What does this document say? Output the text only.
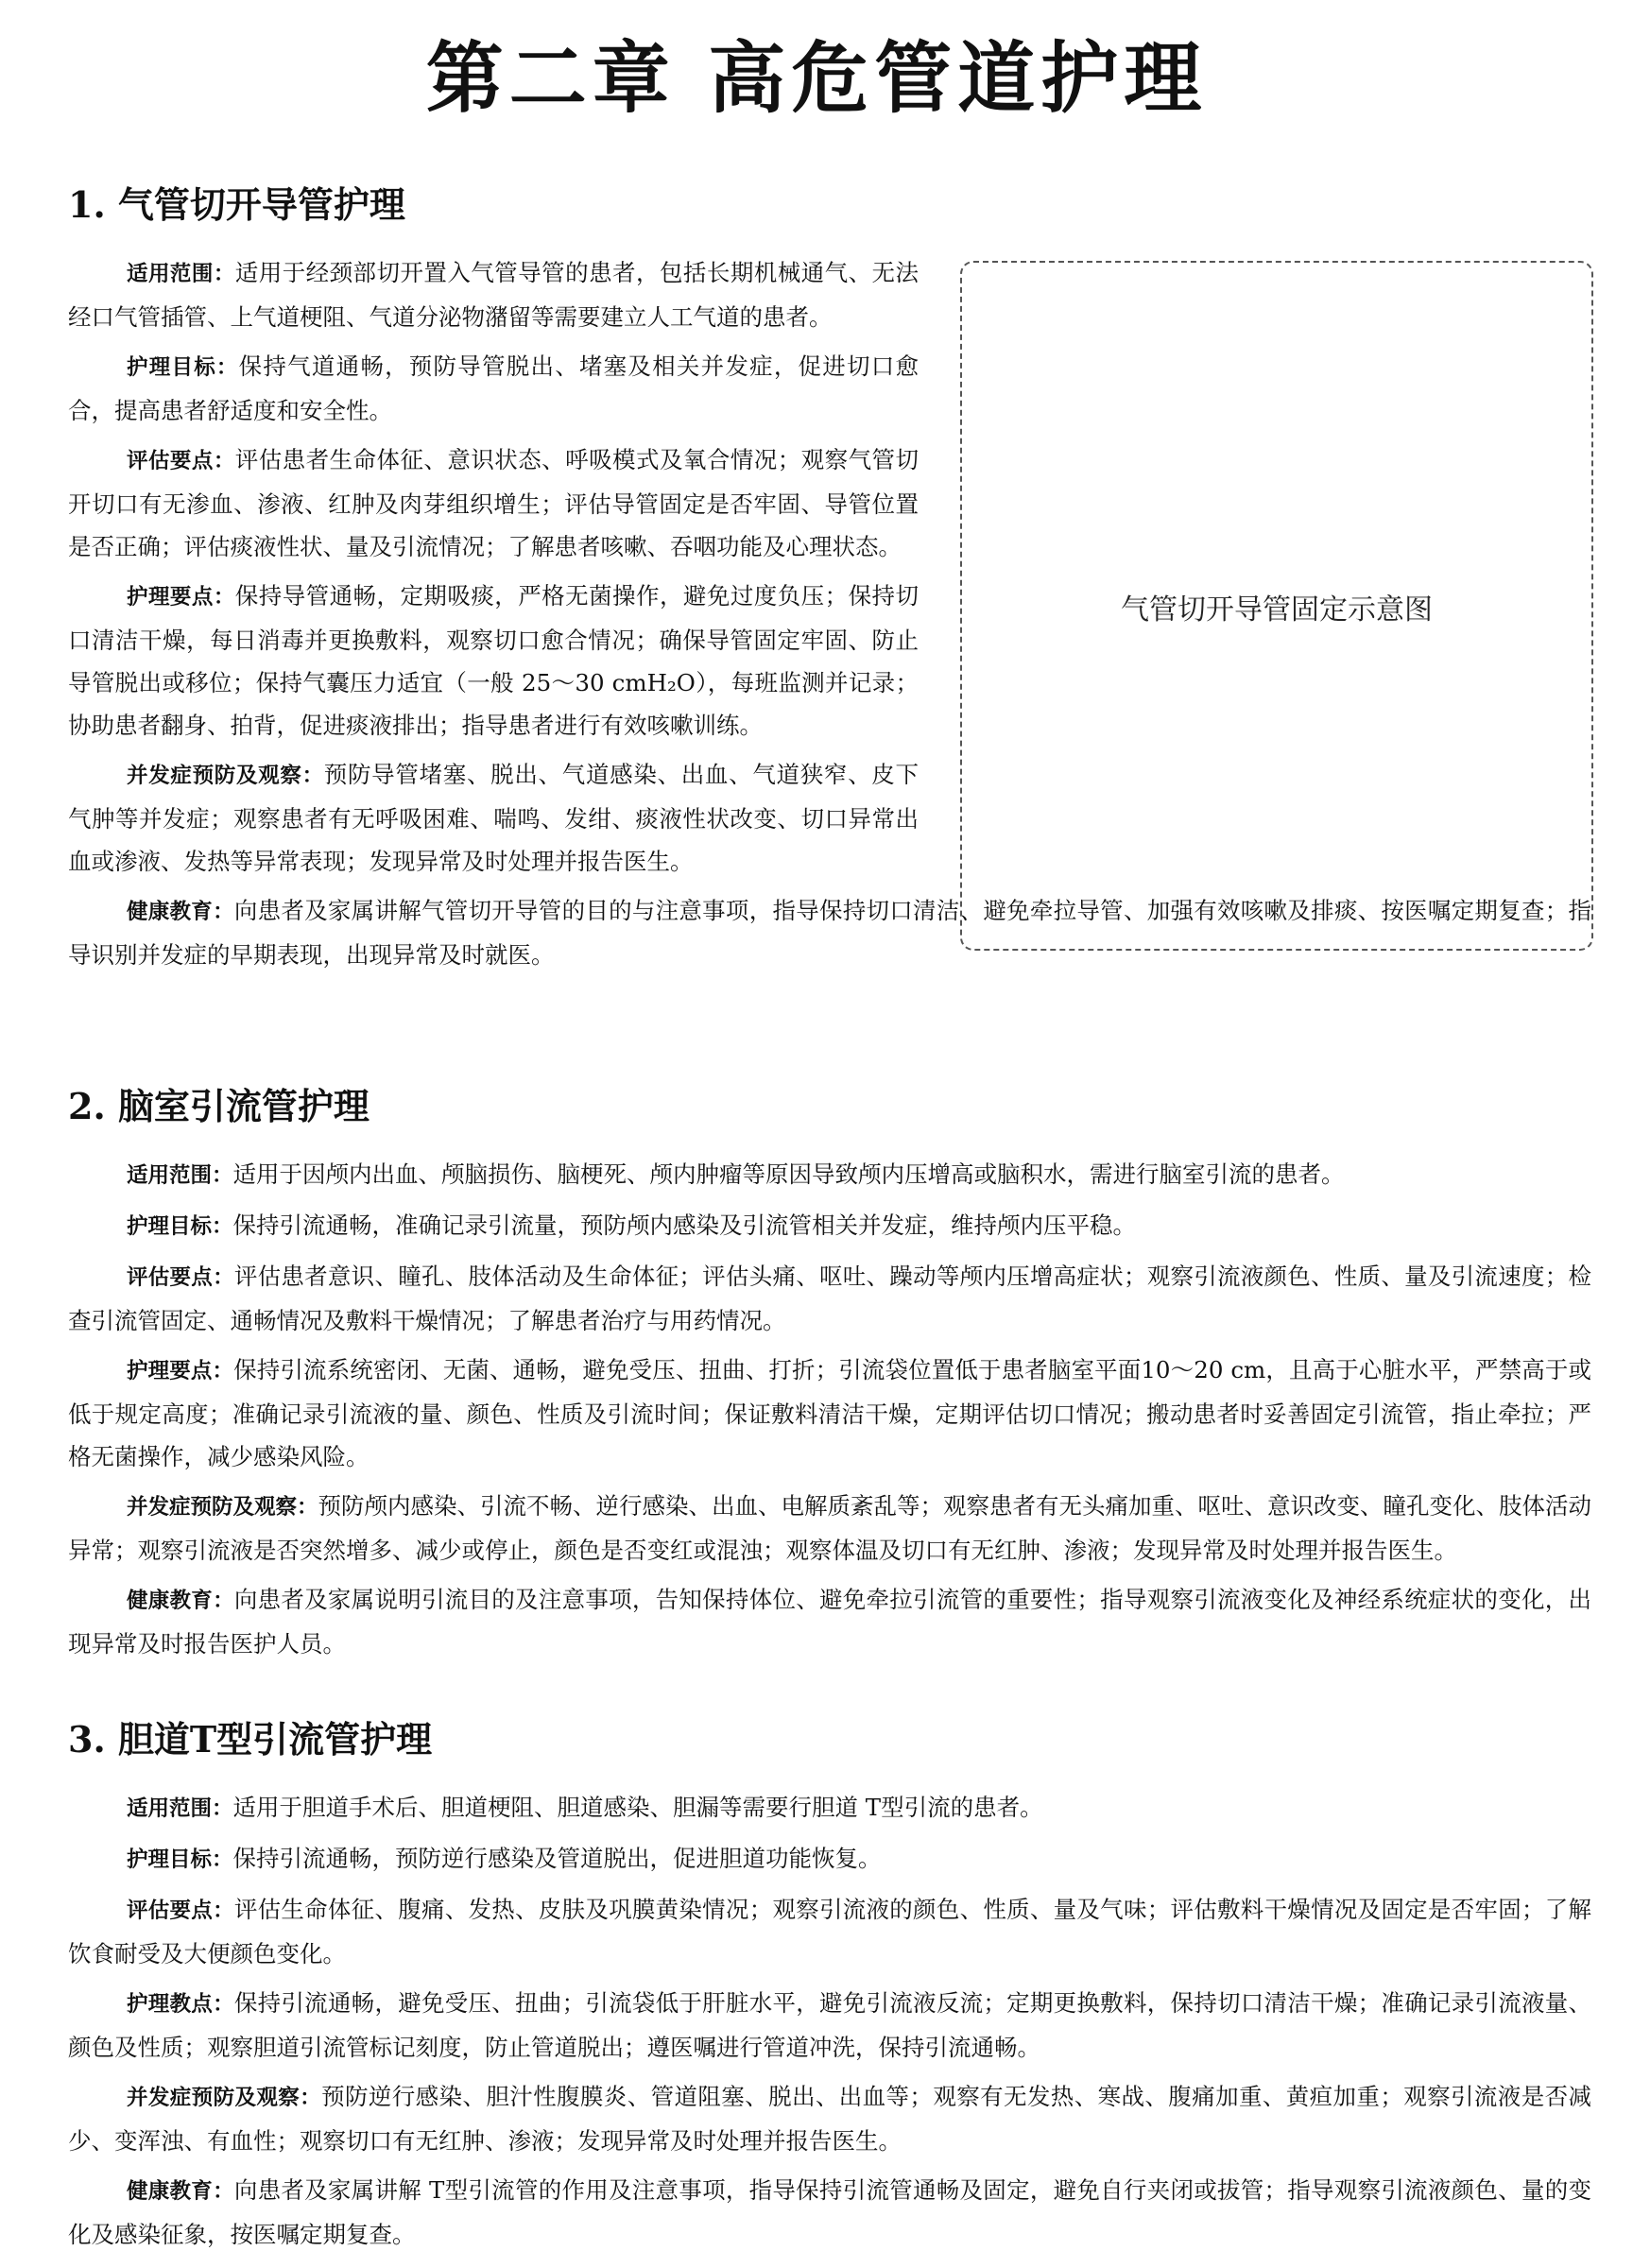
第二章 高危管道护理
1. 气管切开导管护理

适用范围：适用于经颈部切开置入气管导管的患者，包括长期机械通气、无法经口气管插管、上气道梗阻、气道分泌物潴留等需要建立人工气道的患者。

护理目标：保持气道通畅，预防导管脱出、堵塞及相关并发症，促进切口愈合，提高患者舒适度和安全性。

评估要点：评估患者生命体征、意识状态、呼吸模式及氧合情况；观察气管切开切口有无渗血、渗液、红肿及肉芽组织增生；评估导管固定是否牢固、导管位置是否正确；评估痰液性状、量及引流情况；了解患者咳嗽、吞咽功能及心理状态。

护理要点：保持导管通畅，定期吸痰，严格无菌操作，避免过度负压；保持切口清洁干燥，每日消毒并更换敷料，观察切口愈合情况；确保导管固定牢固、防止导管脱出或移位；保持气囊压力适宜（一般 25～30 cmH₂O），每班监测并记录；协助患者翻身、拍背，促进痰液排出；指导患者进行有效咳嗽训练。

并发症预防及观察：预防导管堵塞、脱出、气道感染、出血、气道狭窄、皮下气肿等并发症；观察患者有无呼吸困难、喘鸣、发绀、痰液性状改变、切口异常出血或渗液、发热等异常表现；发现异常及时处理并报告医生。

健康教育：向患者及家属讲解气管切开导管的目的与注意事项，指导保持切口清洁、避免牵拉导管、加强有效咳嗽及排痰、按医嘱定期复查；指导识别并发症的早期表现，出现异常及时就医。

气管切开导管固定示意图
2. 脑室引流管护理

适用范围：适用于因颅内出血、颅脑损伤、脑梗死、颅内肿瘤等原因导致颅内压增高或脑积水，需进行脑室引流的患者。

护理目标：保持引流通畅，准确记录引流量，预防颅内感染及引流管相关并发症，维持颅内压平稳。

评估要点：评估患者意识、瞳孔、肢体活动及生命体征；评估头痛、呕吐、躁动等颅内压增高症状；观察引流液颜色、性质、量及引流速度；检查引流管固定、通畅情况及敷料干燥情况；了解患者治疗与用药情况。

护理要点：保持引流系统密闭、无菌、通畅，避免受压、扭曲、打折；引流袋位置低于患者脑室平面10～20 cm，且高于心脏水平，严禁高于或低于规定高度；准确记录引流液的量、颜色、性质及引流时间；保证敷料清洁干燥，定期评估切口情况；搬动患者时妥善固定引流管，指止牵拉；严格无菌操作，减少感染风险。

并发症预防及观察：预防颅内感染、引流不畅、逆行感染、出血、电解质紊乱等；观察患者有无头痛加重、呕吐、意识改变、瞳孔变化、肢体活动异常；观察引流液是否突然增多、减少或停止，颜色是否变红或混浊；观察体温及切口有无红肿、渗液；发现异常及时处理并报告医生。

健康教育：向患者及家属说明引流目的及注意事项，告知保持体位、避免牵拉引流管的重要性；指导观察引流液变化及神经系统症状的变化，出现异常及时报告医护人员。

3. 胆道T型引流管护理

适用范围：适用于胆道手术后、胆道梗阻、胆道感染、胆漏等需要行胆道 T型引流的患者。

护理目标：保持引流通畅，预防逆行感染及管道脱出，促进胆道功能恢复。

评估要点：评估生命体征、腹痛、发热、皮肤及巩膜黄染情况；观察引流液的颜色、性质、量及气味；评估敷料干燥情况及固定是否牢固；了解饮食耐受及大便颜色变化。

护理教点：保持引流通畅，避免受压、扭曲；引流袋低于肝脏水平，避免引流液反流；定期更换敷料，保持切口清洁干燥；准确记录引流液量、颜色及性质；观察胆道引流管标记刻度，防止管道脱出；遵医嘱进行管道冲洗，保持引流通畅。

并发症预防及观察：预防逆行感染、胆汁性腹膜炎、管道阻塞、脱出、出血等；观察有无发热、寒战、腹痛加重、黄疸加重；观察引流液是否减少、变浑浊、有血性；观察切口有无红肿、渗液；发现异常及时处理并报告医生。

健康教育：向患者及家属讲解 T型引流管的作用及注意事项，指导保持引流管通畅及固定，避免自行夹闭或拔管；指导观察引流液颜色、量的变化及感染征象，按医嘱定期复查。
